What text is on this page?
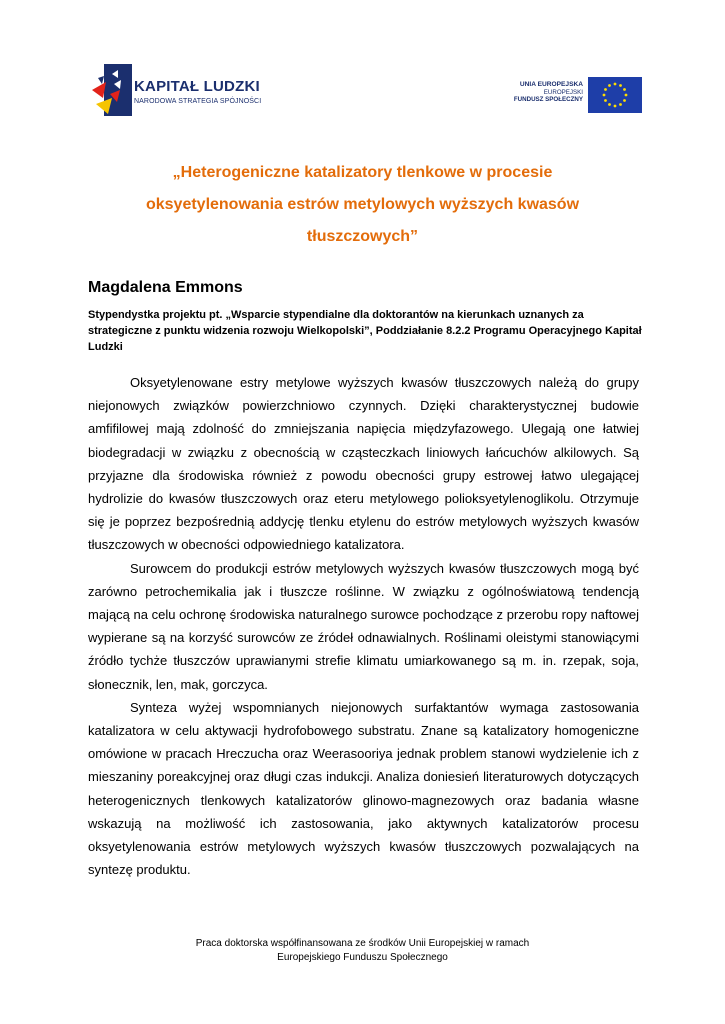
KAPITAŁ LUDZKI
NARODOWA STRATEGIA SPÓJNOŚCI
UNIA EUROPEJSKA
EUROPEJSKI
FUNDUSZ SPOŁECZNY
„Heterogeniczne katalizatory tlenkowe w procesie
oksyetylenowania estrów metylowych wyższych kwasów
tłuszczowych”
Magdalena Emmons
Stypendystka projektu pt. „Wsparcie stypendialne dla doktorantów na kierunkach uznanych za strategiczne z punktu widzenia rozwoju Wielkopolski”, Poddziałanie 8.2.2 Programu Operacyjnego Kapitał Ludzki

Oksyetylenowane estry metylowe wyższych kwasów tłuszczowych należą do grupy niejonowych związków powierzchniowo czynnych. Dzięki charakterystycznej budowie amfifilowej mają zdolność do zmniejszania napięcia międzyfazowego. Ulegają one łatwiej biodegradacji w związku z obecnością w cząsteczkach liniowych łańcuchów alkilowych. Są przyjazne dla środowiska również z powodu obecności grupy estrowej łatwo ulegającej hydrolizie do kwasów tłuszczowych oraz eteru metylowego polioksyetylenoglikolu. Otrzymuje się je poprzez bezpośrednią addycję tlenku etylenu do estrów metylowych wyższych kwasów tłuszczowych w obecności odpowiedniego katalizatora.

Surowcem do produkcji estrów metylowych wyższych kwasów tłuszczowych mogą być zarówno petrochemikalia jak i tłuszcze roślinne. W związku z ogólnoświatową tendencją mającą na celu ochronę środowiska naturalnego surowce pochodzące z przerobu ropy naftowej wypierane są na korzyść surowców ze źródeł odnawialnych. Roślinami oleistymi stanowiącymi źródło tychże tłuszczów uprawianymi strefie klimatu umiarkowanego są m. in. rzepak, soja, słonecznik, len, mak, gorczyca.

Synteza wyżej wspomnianych niejonowych surfaktantów wymaga zastosowania katalizatora w celu aktywacji hydrofobowego substratu. Znane są katalizatory homogeniczne omówione w pracach Hreczucha oraz Weerasooriya jednak problem stanowi wydzielenie ich z mieszaniny poreakcyjnej oraz długi czas indukcji. Analiza doniesień literaturowych dotyczących heterogenicznych tlenkowych katalizatorów glinowo-magnezowych oraz badania własne wskazują na możliwość ich zastosowania, jako aktywnych katalizatorów procesu oksyetylenowania estrów metylowych wyższych kwasów tłuszczowych pozwalających na syntezę produktu.

Praca doktorska współfinansowana ze środków Unii Europejskiej w ramach
Europejskiego Funduszu Społecznego
